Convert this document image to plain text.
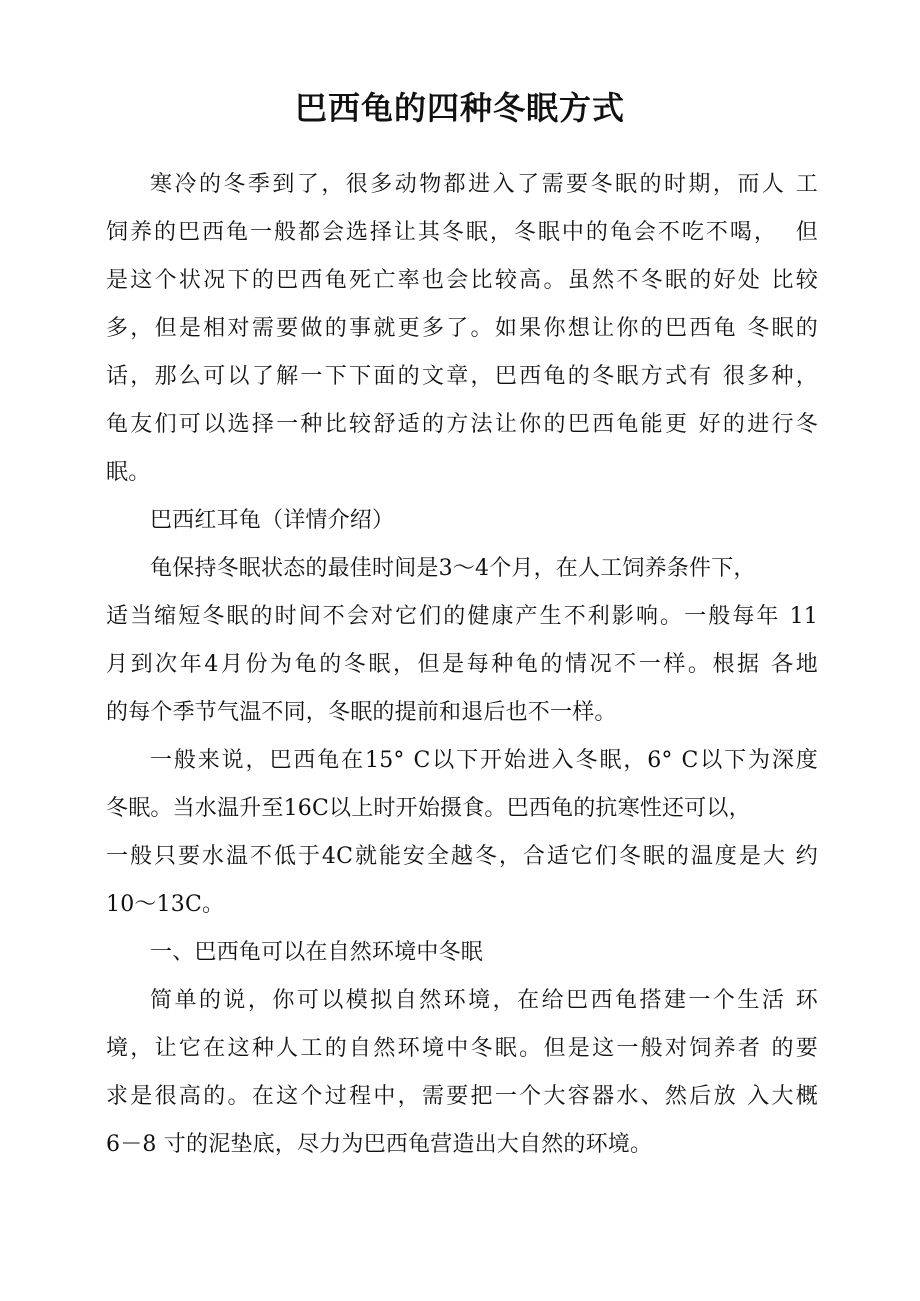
巴西龟的四种冬眠方式
寒冷的冬季到了，很多动物都进入了需要冬眠的时期，而人 工
饲养的巴西龟一般都会选择让其冬眠，冬眠中的龟会不吃不喝，  但
是这个状况下的巴西龟死亡率也会比较高。虽然不冬眠的好处 比较
多，但是相对需要做的事就更多了。如果你想让你的巴西龟 冬眠的
话，那么可以了解一下下面的文章，巴西龟的冬眠方式有 很多种，
龟友们可以选择一种比较舒适的方法让你的巴西龟能更 好的进行冬
眠。
巴西红耳龟（详情介绍）
龟保持冬眠状态的最佳时间是3～4个月，在人工饲养条件下，
适当缩短冬眠的时间不会对它们的健康产生不利影响。一般每年 11
月到次年4月份为龟的冬眠，但是每种龟的情况不一样。根据 各地
的每个季节气温不同，冬眠的提前和退后也不一样。
一般来说，巴西龟在15° C以下开始进入冬眠，6° C以下为深度
冬眠。当水温升至16C以上时开始摄食。巴西龟的抗寒性还可以，
一般只要水温不低于4C就能安全越冬，合适它们冬眠的温度是大 约
10～13C。
一、巴西龟可以在自然环境中冬眠
简单的说，你可以模拟自然环境，在给巴西龟搭建一个生活 环
境，让它在这种人工的自然环境中冬眠。但是这一般对饲养者 的要
求是很高的。在这个过程中，需要把一个大容器水、然后放 入大概
6－8 寸的泥垫底，尽力为巴西龟营造出大自然的环境。
